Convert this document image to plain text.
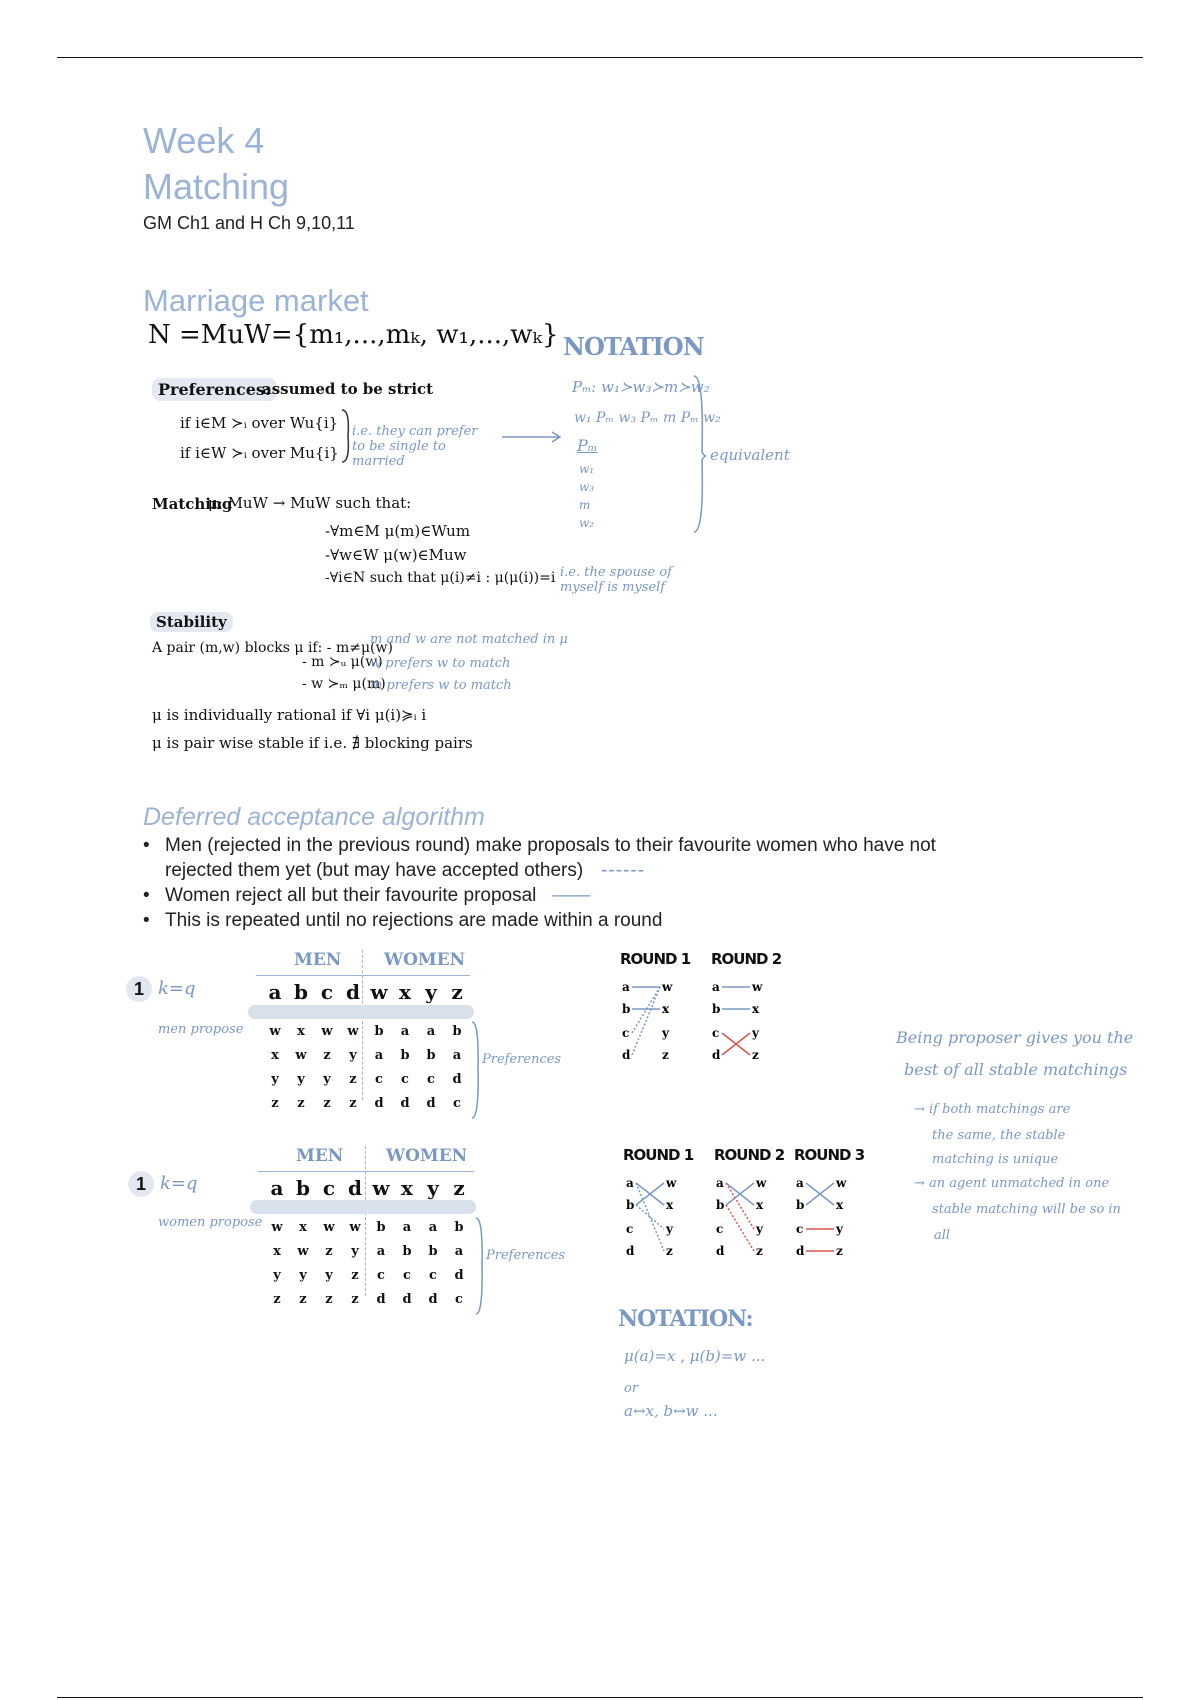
Week 4
Matching
GM Ch1 and H Ch 9,10,11
Marriage market
N =MuW={m₁,...,mₖ, w₁,...,wₖ} NOTATION
Preferences:
assumed to be strict
if i∈M ≻ᵢ over Wu{i}
if i∈W ≻ᵢ over Mu{i}
i.e. they can prefer to be single to married
Pₘ: w₁≻w₃≻m≻w₂
w₁ Pₘ w₃ Pₘ m Pₘ w₂
Pₘ
w₁
w₃
m
w₂
equivalent
Matching
μ: MuW → MuW such that:
-∀m∈M μ(m)∈Wum
-∀w∈W μ(w)∈Muw
-∀i∈N such that μ(i)≠i : μ(μ(i))=i i.e. the spouse of myself is myself
Stability
A pair (m,w) blocks μ if: - m≠μ(w)
- m ≻ᵤ μ(w)
- w ≻ₘ μ(m)
m and w are not matched in μ
w prefers w to match
m prefers w to match
μ is individually rational if ∀i μ(i)≽ᵢ i
μ is pair wise stable if i.e. ∄ blocking pairs
Deferred acceptance algorithm
• Men (rejected in the previous round) make proposals to their favourite women who have not
rejected them yet (but may have accepted others)   ------
• Women reject all but their favourite proposal   ——
• This is repeated until no rejections are made within a round
1 k=q
men propose
MEN	WOMEN
a b c d w x y z
w x w w b a a b
x w z y a b b a
y y y z c c c d
z z z z d d d c
Preferences
ROUND 1 ROUND 2
a
b
c
d
w
x
y
z
a
b
c
d
w
x
y
z
1 k=q
women propose
MEN	WOMEN
a b c d w x y z
w x w w b a a b
x w z y a b b a
y y y z c c c d
z z z z d d d c
Preferences
ROUND 1 ROUND 2 ROUND 3
a
b
c
d
w
x
y
z
a
b
c
d
w
x
y
z
a
b
c
d
w
x
y
z
Being proposer gives you the
best of all stable matchings
→ if both matchings are
the same, the stable
matching is unique
→ an agent unmatched in one
stable matching will be so in
all
NOTATION:
μ(a)=x , μ(b)=w ...
or
a↔x, b↔w ...
